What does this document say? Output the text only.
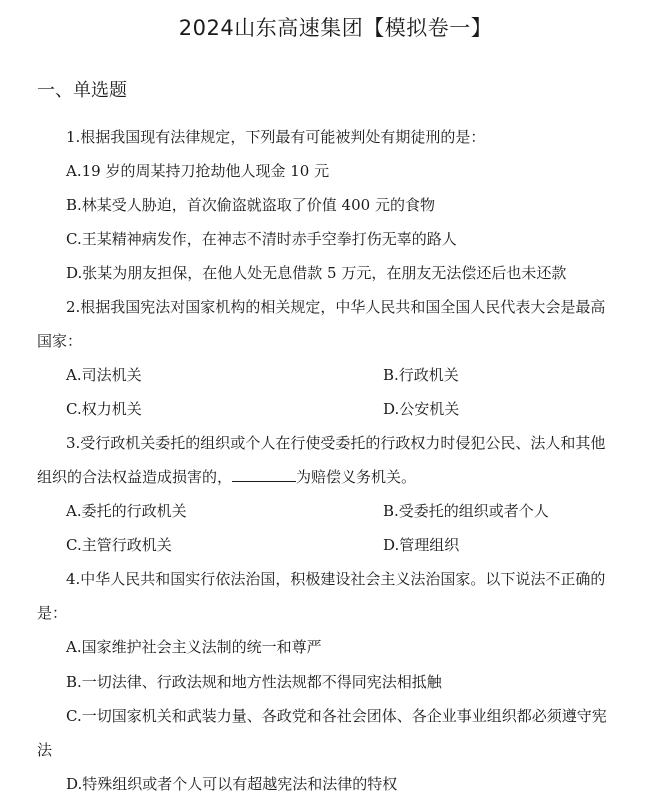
2024山东高速集团【模拟卷一】
一、单选题
1.根据我国现有法律规定，下列最有可能被判处有期徒刑的是：
A.19 岁的周某持刀抢劫他人现金 10 元
B.林某受人胁迫，首次偷盗就盗取了价值 400 元的食物
C.王某精神病发作，在神志不清时赤手空拳打伤无辜的路人
D.张某为朋友担保，在他人处无息借款 5 万元，在朋友无法偿还后也未还款
2.根据我国宪法对国家机构的相关规定，中华人民共和国全国人民代表大会是最高
国家：
A.司法机关	B.行政机关
C.权力机关	D.公安机关
3.受行政机关委托的组织或个人在行使受委托的行政权力时侵犯公民、法人和其他
组织的合法权益造成损害的，	为赔偿义务机关。
A.委托的行政机关	B.受委托的组织或者个人
C.主管行政机关	D.管理组织
4.中华人民共和国实行依法治国，积极建设社会主义法治国家。以下说法不正确的
是：
A.国家维护社会主义法制的统一和尊严
B.一切法律、行政法规和地方性法规都不得同宪法相抵触
C.一切国家机关和武装力量、各政党和各社会团体、各企业事业组织都必须遵守宪
法
D.特殊组织或者个人可以有超越宪法和法律的特权
